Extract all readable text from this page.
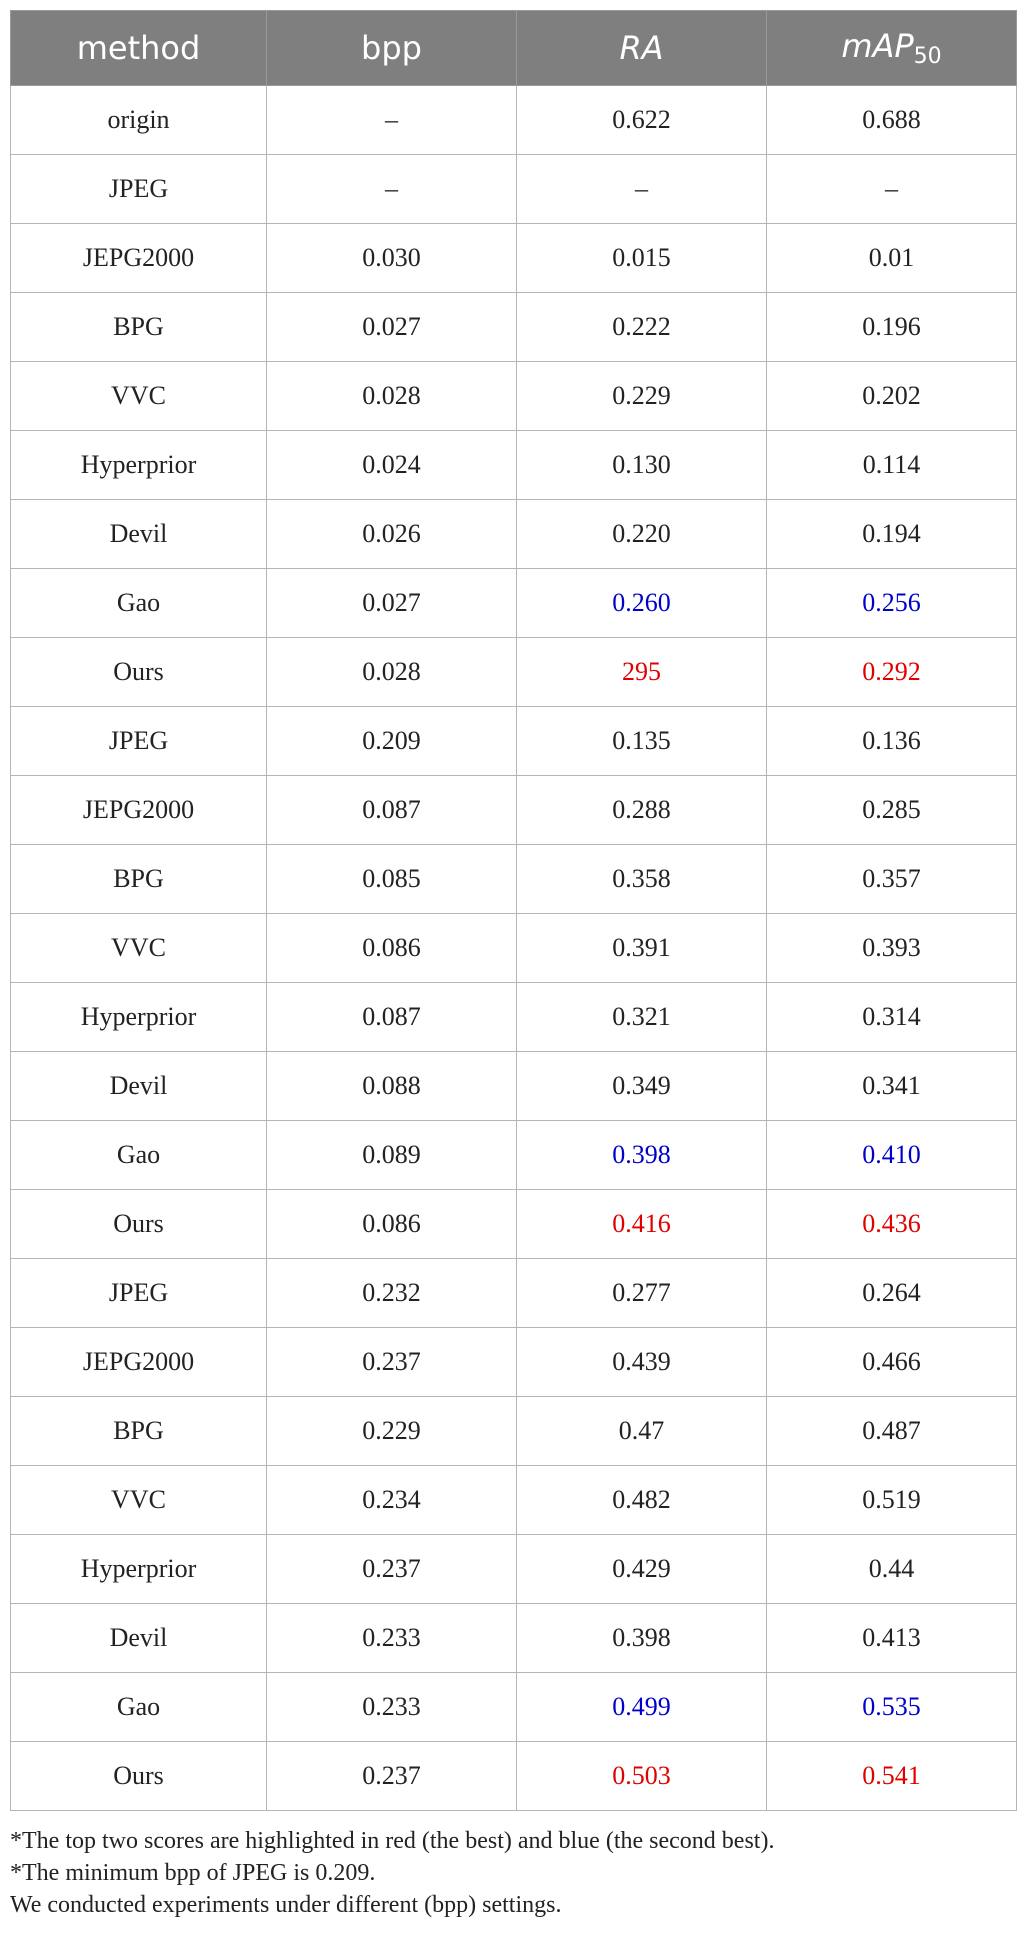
method	bpp	RA	mAP$_{50}$
origin	–	0.622	0.688
JPEG	–	–	–
JEPG2000	0.030	0.015	0.01
BPG	0.027	0.222	0.196
VVC	0.028	0.229	0.202
Hyperprior	0.024	0.130	0.114
Devil	0.026	0.220	0.194
Gao	0.027	0.260	0.256
Ours	0.028	295	0.292
JPEG	0.209	0.135	0.136
JEPG2000	0.087	0.288	0.285
BPG	0.085	0.358	0.357
VVC	0.086	0.391	0.393
Hyperprior	0.087	0.321	0.314
Devil	0.088	0.349	0.341
Gao	0.089	0.398	0.410
Ours	0.086	0.416	0.436
JPEG	0.232	0.277	0.264
JEPG2000	0.237	0.439	0.466
BPG	0.229	0.47	0.487
VVC	0.234	0.482	0.519
Hyperprior	0.237	0.429	0.44
Devil	0.233	0.398	0.413
Gao	0.233	0.499	0.535
Ours	0.237	0.503	0.541
*The top two scores are highlighted in red (the best) and blue (the second best).
*The minimum bpp of JPEG is 0.209.
We conducted experiments under different (bpp) settings.
